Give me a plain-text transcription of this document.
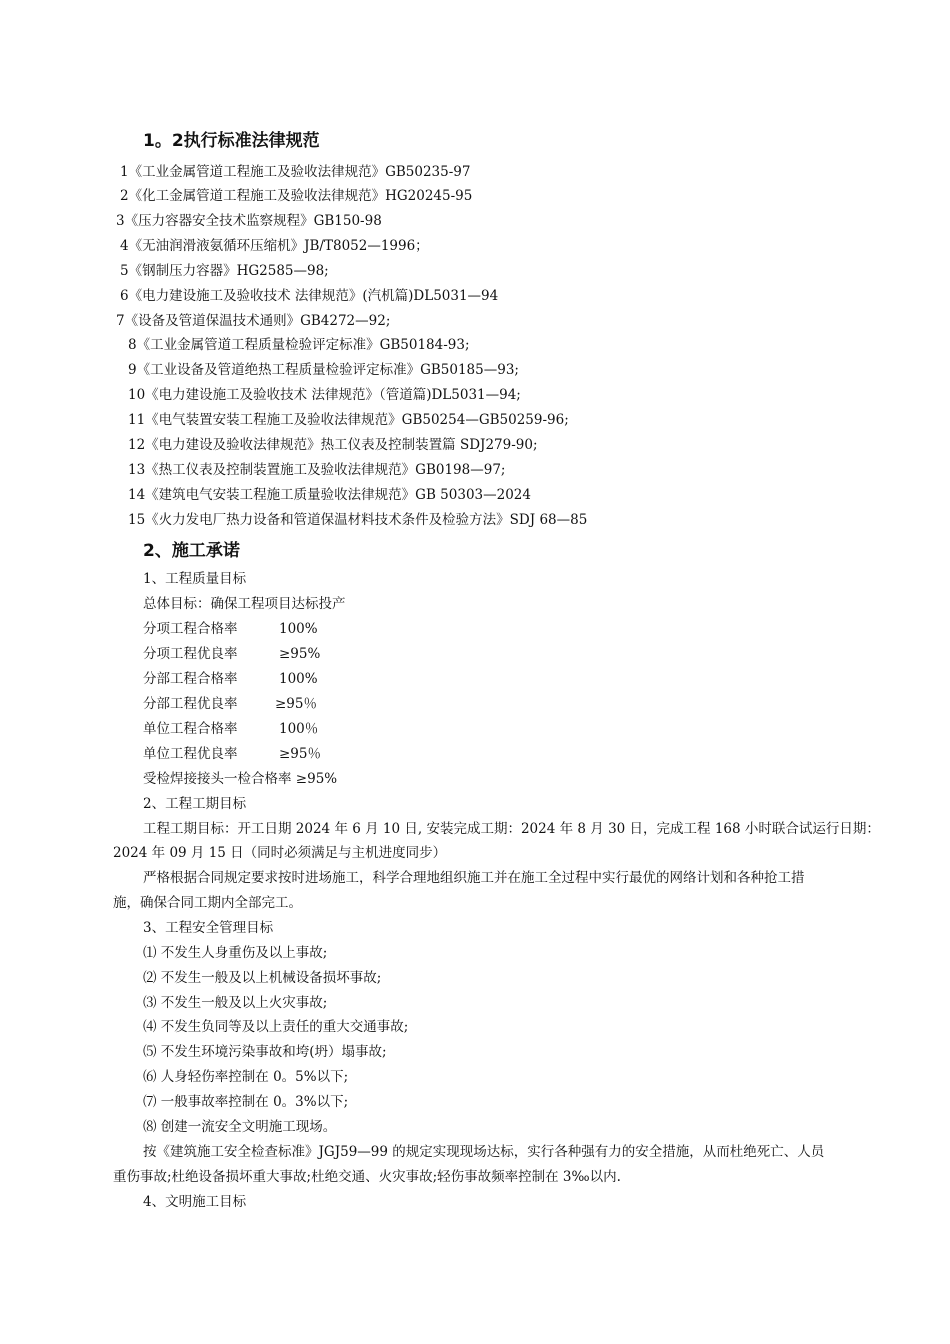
1。2执行标准法律规范
1《工业金属管道工程施工及验收法律规范》GB50235-97
2《化工金属管道工程施工及验收法律规范》HG20245-95
3《压力容器安全技术监察规程》GB150-98
4《无油润滑液氨循环压缩机》JB/T8052—1996；
5《钢制压力容器》HG2585—98;
6《电力建设施工及验收技术 法律规范》(汽机篇)DL5031—94
7《设备及管道保温技术通则》GB4272—92;
8《工业金属管道工程质量检验评定标准》GB50184-93;
9《工业设备及管道绝热工程质量检验评定标准》GB50185—93;
10《电力建设施工及验收技术 法律规范》（管道篇)DL5031—94;
11《电气装置安装工程施工及验收法律规范》GB50254—GB50259-96;
12《电力建设及验收法律规范》热工仪表及控制装置篇 SDJ279-90;
13《热工仪表及控制装置施工及验收法律规范》GB0198—97;
14《建筑电气安装工程施工质量验收法律规范》GB 50303—2024
15《火力发电厂热力设备和管道保温材料技术条件及检验方法》SDJ 68—85
2、施工承诺
1、工程质量目标
总体目标：确保工程项目达标投产
分项工程合格率	100%
分项工程优良率	≥95%
分部工程合格率	100%
分部工程优良率	≥95％
单位工程合格率	100％
单位工程优良率	≥95％
受检焊接接头一检合格率 ≥95%
2、工程工期目标
工程工期目标：开工日期 2024 年 6 月 10 日, 安装完成工期：2024 年 8 月 30 日，完成工程 168 小时联合试运行日期：
2024 年 09 月 15 日（同时必须满足与主机进度同步）
严格根据合同规定要求按时进场施工，科学合理地组织施工并在施工全过程中实行最优的网络计划和各种抢工措
施，确保合同工期内全部完工。
3、工程安全管理目标
⑴ 不发生人身重伤及以上事故;
⑵ 不发生一般及以上机械设备损坏事故;
⑶ 不发生一般及以上火灾事故;
⑷ 不发生负同等及以上责任的重大交通事故;
⑸ 不发生环境污染事故和垮(坍）塌事故;
⑹ 人身轻伤率控制在 0。5%以下;
⑺ 一般事故率控制在 0。3%以下;
⑻ 创建一流安全文明施工现场。
按《建筑施工安全检查标准》JGJ59—99 的规定实现现场达标，实行各种强有力的安全措施，从而杜绝死亡、人员
重伤事故;杜绝设备损坏重大事故;杜绝交通、火灾事故;轻伤事故频率控制在 3‰以内.
4、文明施工目标
